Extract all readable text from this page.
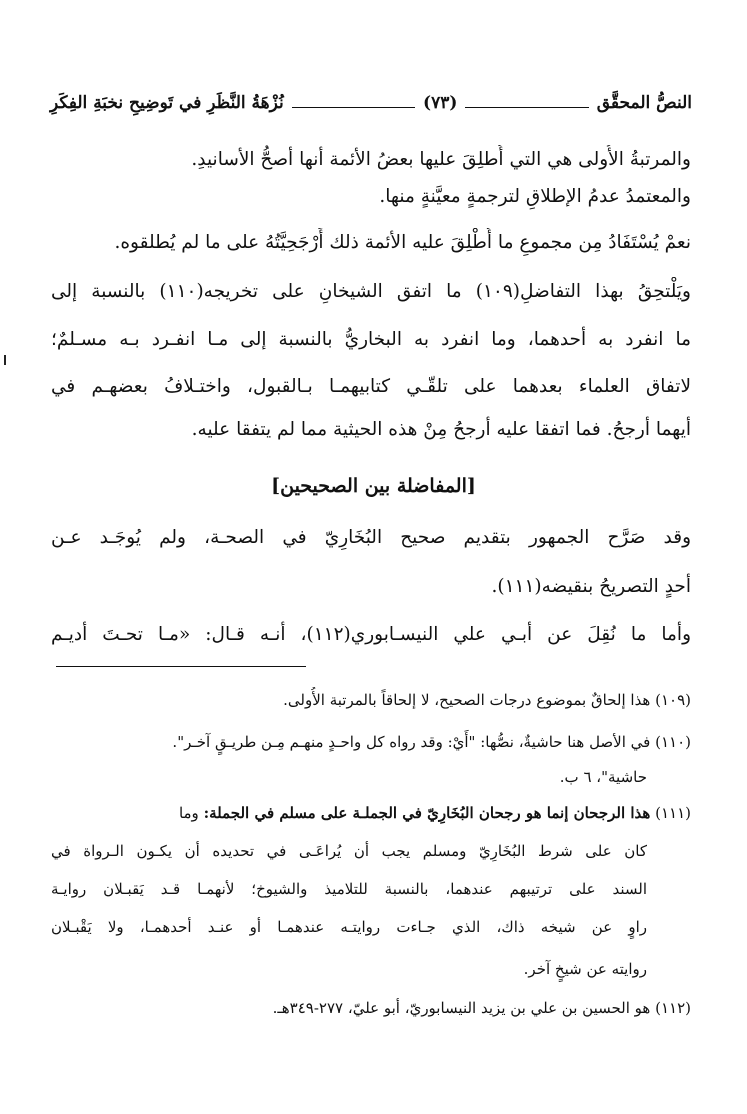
النصُّ المحقَّق
(٧٣)
نُزْهَةُ النَّظَرِ في تَوضِيحِ نخبَةِ الفِكَرِ
والمرتبةُ الأُولى هي التي أُطلِقَ عليها بعضُ الأئمة أنها أصحُّ الأسانيدِ.
والمعتمدُ عدمُ الإطلاقِ لترجمةٍ معيَّنةٍ منها.
نعمْ يُسْتَفَادُ مِن مجموعِ ما أُطْلِقَ عليه الأئمة ذلك أَرْجَحِيَّتُهُ على ما لم يُطلقوه.
ويَلْتحِقُ بهذا التفاضلِ(١٠٩) ما اتفق الشيخانِ على تخريجه(١١٠) بالنسبة إلى
ما انفرد به أحدهما، وما انفرد به البخاريُّ بالنسبة إلى مـا انفـرد بـه مسـلمٌ؛
لاتفاق العلماء بعدهما على تلقّـي كتابيهمـا بـالقبول، واختـلافُ بعضهـم في
أيهما أرجحُ. فما اتفقا عليه أرجحُ مِنْ هذه الحيثية مما لم يتفقا عليه.
[المفاضلة بين الصحيحين]
وقد صَرَّح الجمهور بتقديم صحيح البُخَارِيّ في الصحـة، ولم يُوجَـد عـن
أحدٍ التصريحُ بنقيضه(١١١).
وأما ما نُقِلَ عن أبـي علي النيسـابوري(١١٢)، أنـه قـال: «مـا تحـتَ أديـم
(١٠٩) هذا إلحاقٌ بموضوع درجات الصحيح، لا إلحاقاً بالمرتبة الأُولى.
(١١٠) في الأصل هنا حاشيةٌ، نصُّها: "أَيْ: وقد رواه كل واحـدٍ منهـم مِـن طريـقٍ آخـر".
حاشية"، ٦ ب.
(١١١) هذا الرجحان إنما هو رجحان البُخَارِيّ في الجملـة على مسلم في الجملة: وما
كان على شرط البُخَارِيّ ومسلم يجب أن يُراعَـى في تحديده أن يكـون الـرواة في
السند على ترتيبهم عندهما، بالنسبة للتلاميذ والشيوخ؛ لأنهمـا قـد يَقبـلان روايـة
راوٍ عن شيخه ذاك، الذي جـاءت روايتـه عندهمـا أو عنـد أحدهمـا، ولا يَقْبـلان
روايته عن شيخٍ آخر.
(١١٢) هو الحسين بن علي بن يزيد النيسابوريّ، أبو عليّ، ٢٧٧-٣٤٩هـ.
